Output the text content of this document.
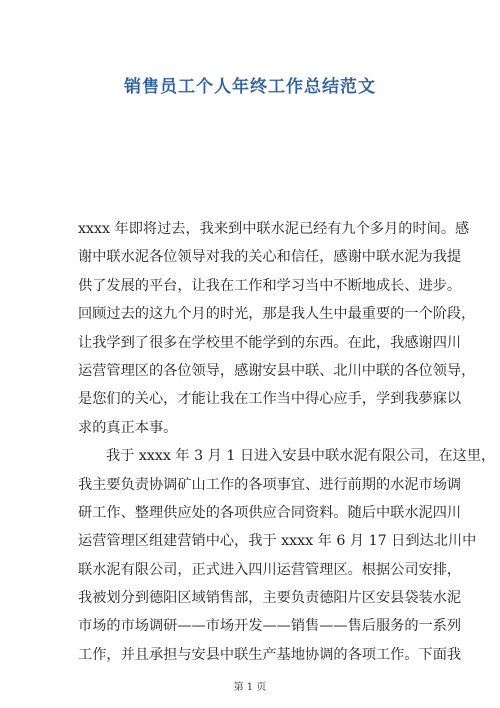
销售员工个人年终工作总结范文
xxxx 年即将过去，我来到中联水泥已经有九个多月的时间。感
谢中联水泥各位领导对我的关心和信任，感谢中联水泥为我提
供了发展的平台，让我在工作和学习当中不断地成长、进步。
回顾过去的这九个月的时光，那是我人生中最重要的一个阶段，
让我学到了很多在学校里不能学到的东西。在此，我感谢四川
运营管理区的各位领导，感谢安县中联、北川中联的各位领导，
是您们的关心，才能让我在工作当中得心应手，学到我夢寐以
求的真正本事。
我于 xxxx 年 3 月 1 日进入安县中联水泥有限公司，在这里，
我主要负责协调矿山工作的各项事宜、进行前期的水泥市场调
研工作、整理供应处的各项供应合同资料。随后中联水泥四川
运营管理区组建营销中心，我于 xxxx 年 6 月 17 日到达北川中
联水泥有限公司，正式进入四川运营管理区。根据公司安排，
我被划分到德阳区域销售部，主要负责德阳片区安县袋装水泥
市场的市场调研——市场开发——销售——售后服务的一系列
工作，并且承担与安县中联生产基地协调的各项工作。下面我
第 1 页
